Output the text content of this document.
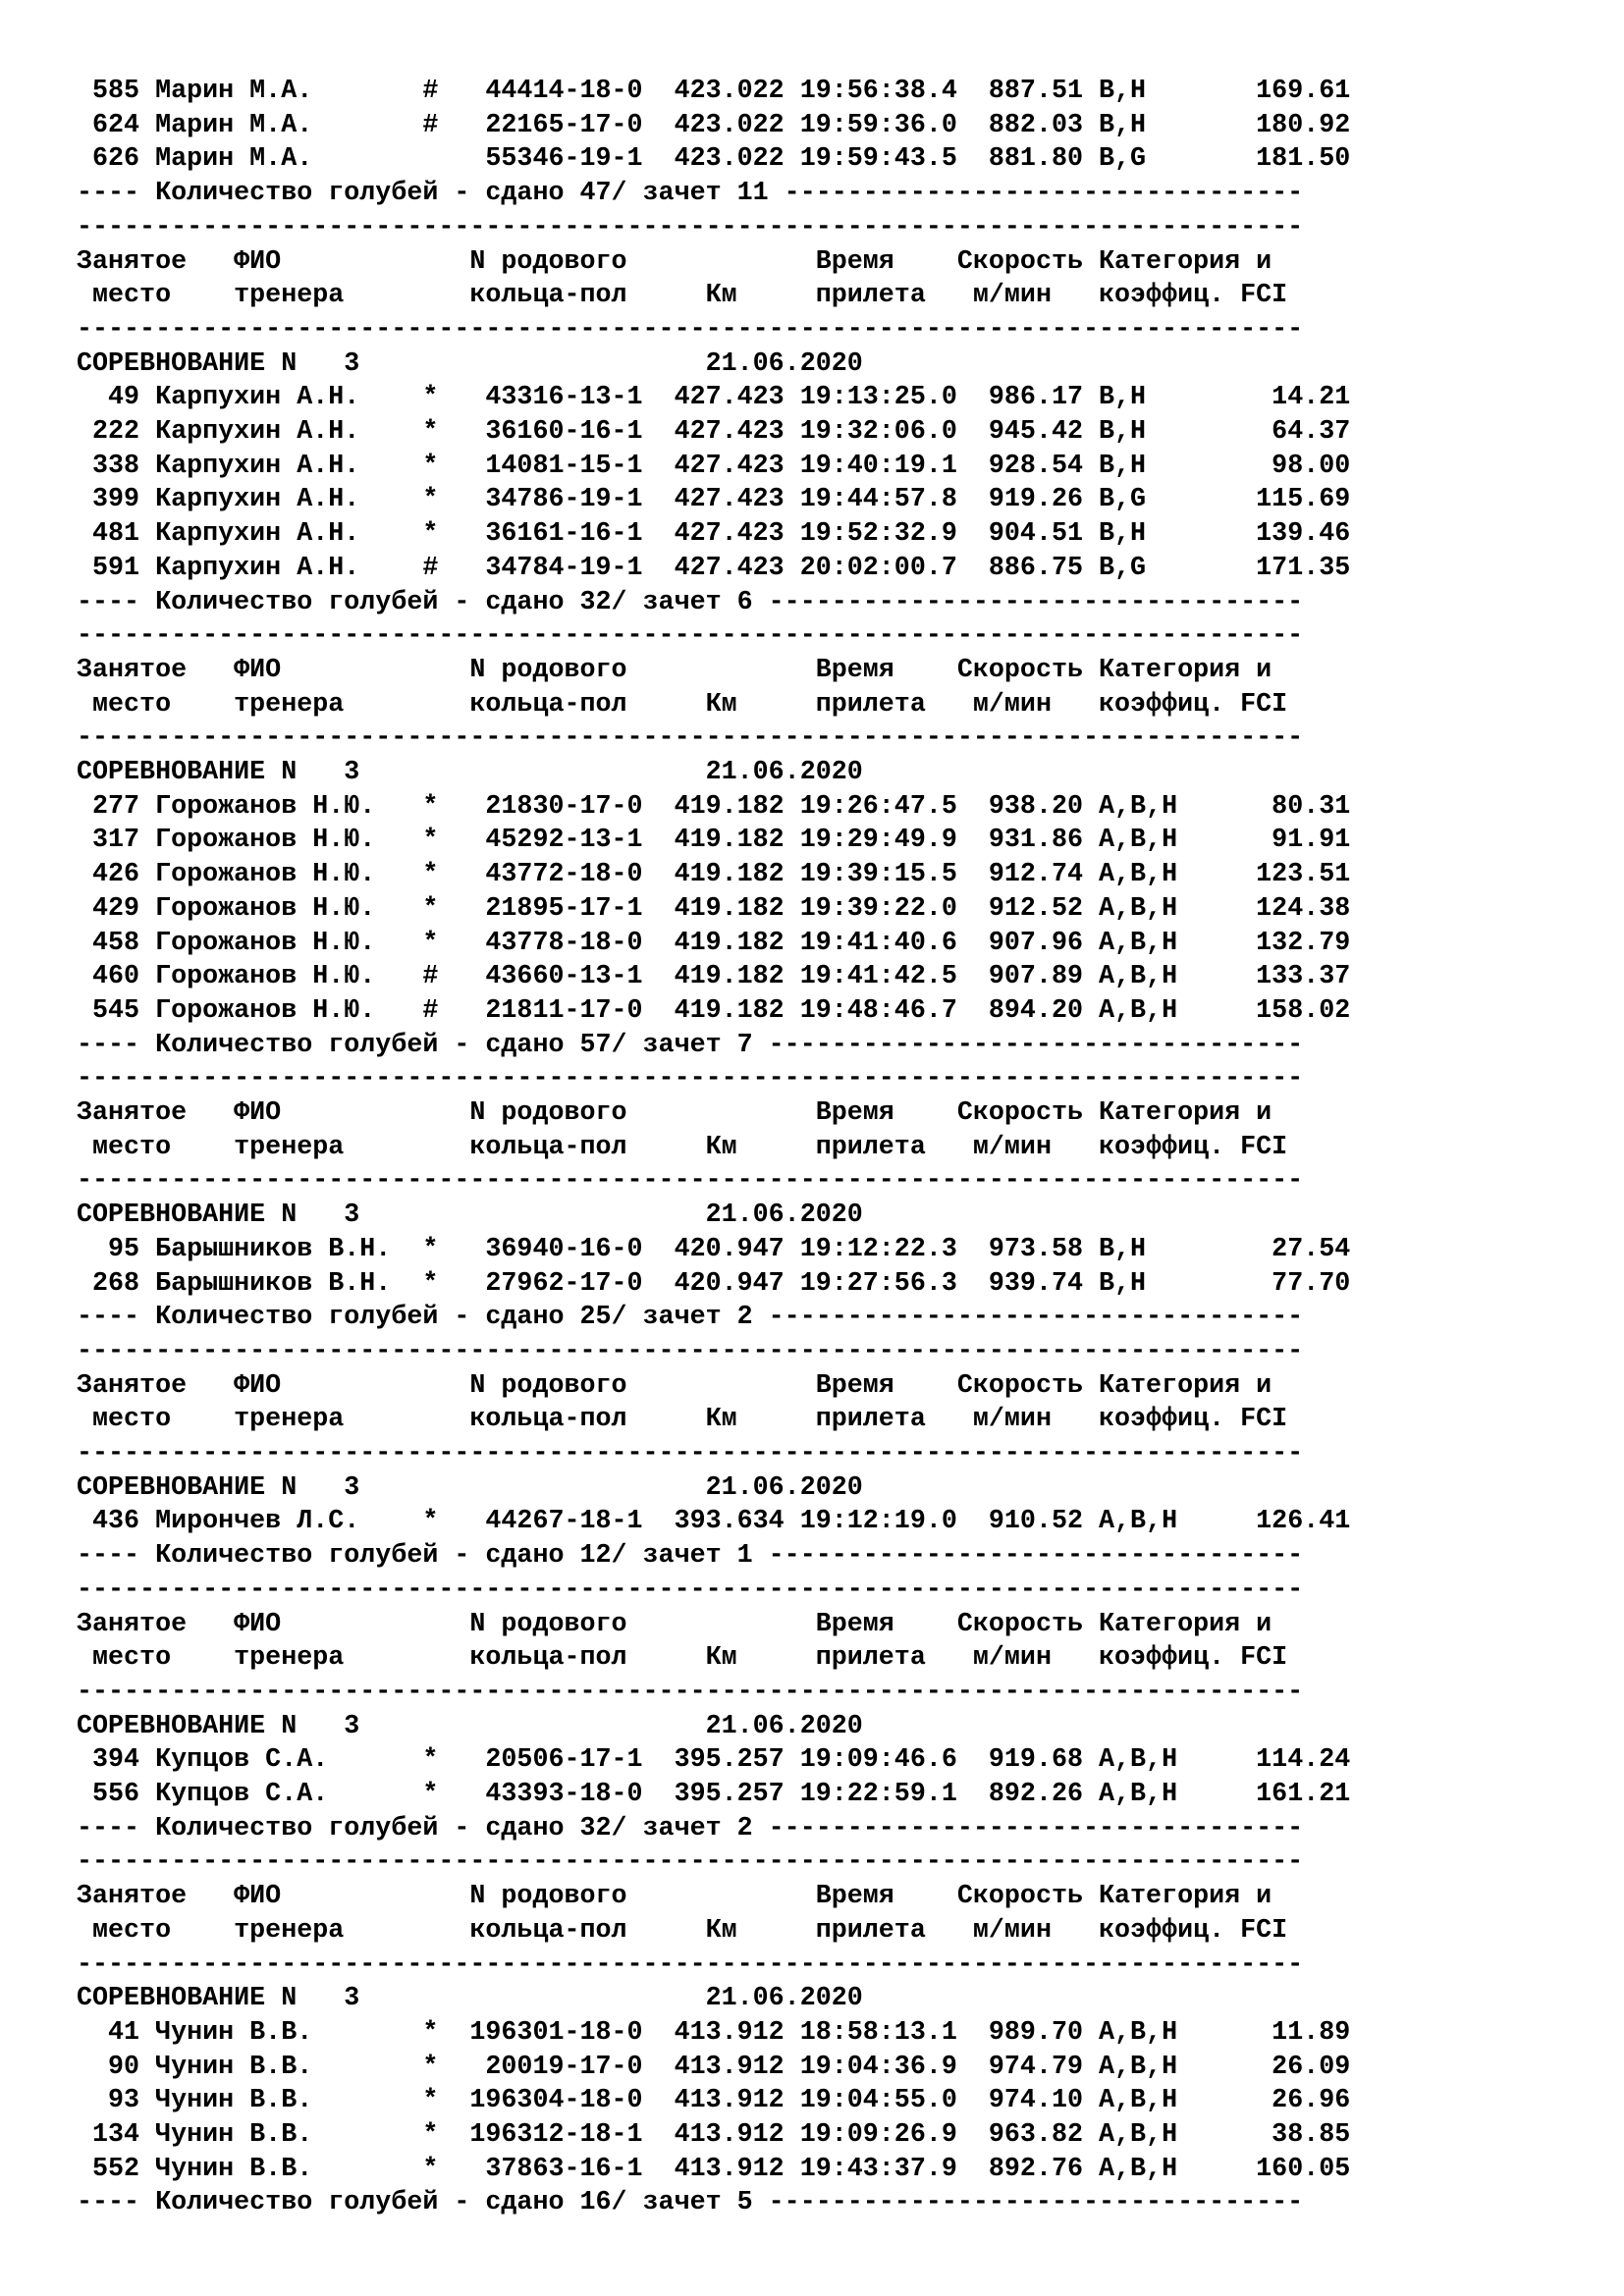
585 Марин М.А.       #   44414-18-0 423.022 19:56:38.4 887.51 B,H       169.61
624 Марин М.А.       #   22165-17-0 423.022 19:59:36.0 882.03 B,H       180.92
626 Марин М.А.           55346-19-1 423.022 19:59:43.5 881.80 B,G       181.50
---- Количество голубей - сдано 47/ зачет 11 ---------------------------------
------------------------------------------------------------------------------
Занятое   ФИО            N родового            Время    Скорость Категория и
место    тренера        кольца-пол     Км     прилета   м/мин   коэффиц. FCI
------------------------------------------------------------------------------
СОРЕВНОВАНИЕ N   3                      21.06.2020
49 Карпухин А.Н.    *   43316-13-1 427.423 19:13:25.0 986.17 B,H        14.21
222 Карпухин А.Н.    *   36160-16-1 427.423 19:32:06.0 945.42 B,H        64.37
338 Карпухин А.Н.    *   14081-15-1 427.423 19:40:19.1 928.54 B,H        98.00
399 Карпухин А.Н.    *   34786-19-1 427.423 19:44:57.8 919.26 B,G       115.69
481 Карпухин А.Н.    *   36161-16-1 427.423 19:52:32.9 904.51 B,H       139.46
591 Карпухин А.Н.    #   34784-19-1 427.423 20:02:00.7 886.75 B,G       171.35
---- Количество голубей - сдано 32/ зачет 6 ----------------------------------
------------------------------------------------------------------------------
Занятое   ФИО            N родового            Время    Скорость Категория и
место    тренера        кольца-пол     Км     прилета   м/мин   коэффиц. FCI
------------------------------------------------------------------------------
СОРЕВНОВАНИЕ N   3                      21.06.2020
277 Горожанов Н.Ю.   *   21830-17-0 419.182 19:26:47.5 938.20 A,B,H      80.31
317 Горожанов Н.Ю.   *   45292-13-1 419.182 19:29:49.9 931.86 A,B,H      91.91
426 Горожанов Н.Ю.   *   43772-18-0 419.182 19:39:15.5 912.74 A,B,H     123.51
429 Горожанов Н.Ю.   *   21895-17-1 419.182 19:39:22.0 912.52 A,B,H     124.38
458 Горожанов Н.Ю.   *   43778-18-0 419.182 19:41:40.6 907.96 A,B,H     132.79
460 Горожанов Н.Ю.   #   43660-13-1 419.182 19:41:42.5 907.89 A,B,H     133.37
545 Горожанов Н.Ю.   #   21811-17-0 419.182 19:48:46.7 894.20 A,B,H     158.02
---- Количество голубей - сдано 57/ зачет 7 ----------------------------------
------------------------------------------------------------------------------
Занятое   ФИО            N родового            Время    Скорость Категория и
место    тренера        кольца-пол     Км     прилета   м/мин   коэффиц. FCI
------------------------------------------------------------------------------
СОРЕВНОВАНИЕ N   3                      21.06.2020
95 Барышников В.Н.  *   36940-16-0 420.947 19:12:22.3 973.58 B,H        27.54
268 Барышников В.Н.  *   27962-17-0 420.947 19:27:56.3 939.74 B,H        77.70
---- Количество голубей - сдано 25/ зачет 2 ----------------------------------
------------------------------------------------------------------------------
Занятое   ФИО            N родового            Время    Скорость Категория и
место    тренера        кольца-пол     Км     прилета   м/мин   коэффиц. FCI
------------------------------------------------------------------------------
СОРЕВНОВАНИЕ N   3                      21.06.2020
436 Мирончев Л.С.    *   44267-18-1 393.634 19:12:19.0 910.52 A,B,H     126.41
---- Количество голубей - сдано 12/ зачет 1 ----------------------------------
------------------------------------------------------------------------------
Занятое   ФИО            N родового            Время    Скорость Категория и
место    тренера        кольца-пол     Км     прилета   м/мин   коэффиц. FCI
------------------------------------------------------------------------------
СОРЕВНОВАНИЕ N   3                      21.06.2020
394 Купцов С.А.      *   20506-17-1 395.257 19:09:46.6 919.68 A,B,H     114.24
556 Купцов С.А.      *   43393-18-0 395.257 19:22:59.1 892.26 A,B,H     161.21
---- Количество голубей - сдано 32/ зачет 2 ----------------------------------
------------------------------------------------------------------------------
Занятое   ФИО            N родового            Время    Скорость Категория и
место    тренера        кольца-пол     Км     прилета   м/мин   коэффиц. FCI
------------------------------------------------------------------------------
СОРЕВНОВАНИЕ N   3                      21.06.2020
41 Чунин В.В.       *  196301-18-0 413.912 18:58:13.1 989.70 A,B,H      11.89
90 Чунин В.В.       *   20019-17-0 413.912 19:04:36.9 974.79 A,B,H      26.09
93 Чунин В.В.       *  196304-18-0 413.912 19:04:55.0 974.10 A,B,H      26.96
134 Чунин В.В.       *  196312-18-1 413.912 19:09:26.9 963.82 A,B,H      38.85
552 Чунин В.В.       *   37863-16-1 413.912 19:43:37.9 892.76 A,B,H     160.05
---- Количество голубей - сдано 16/ зачет 5 ----------------------------------
